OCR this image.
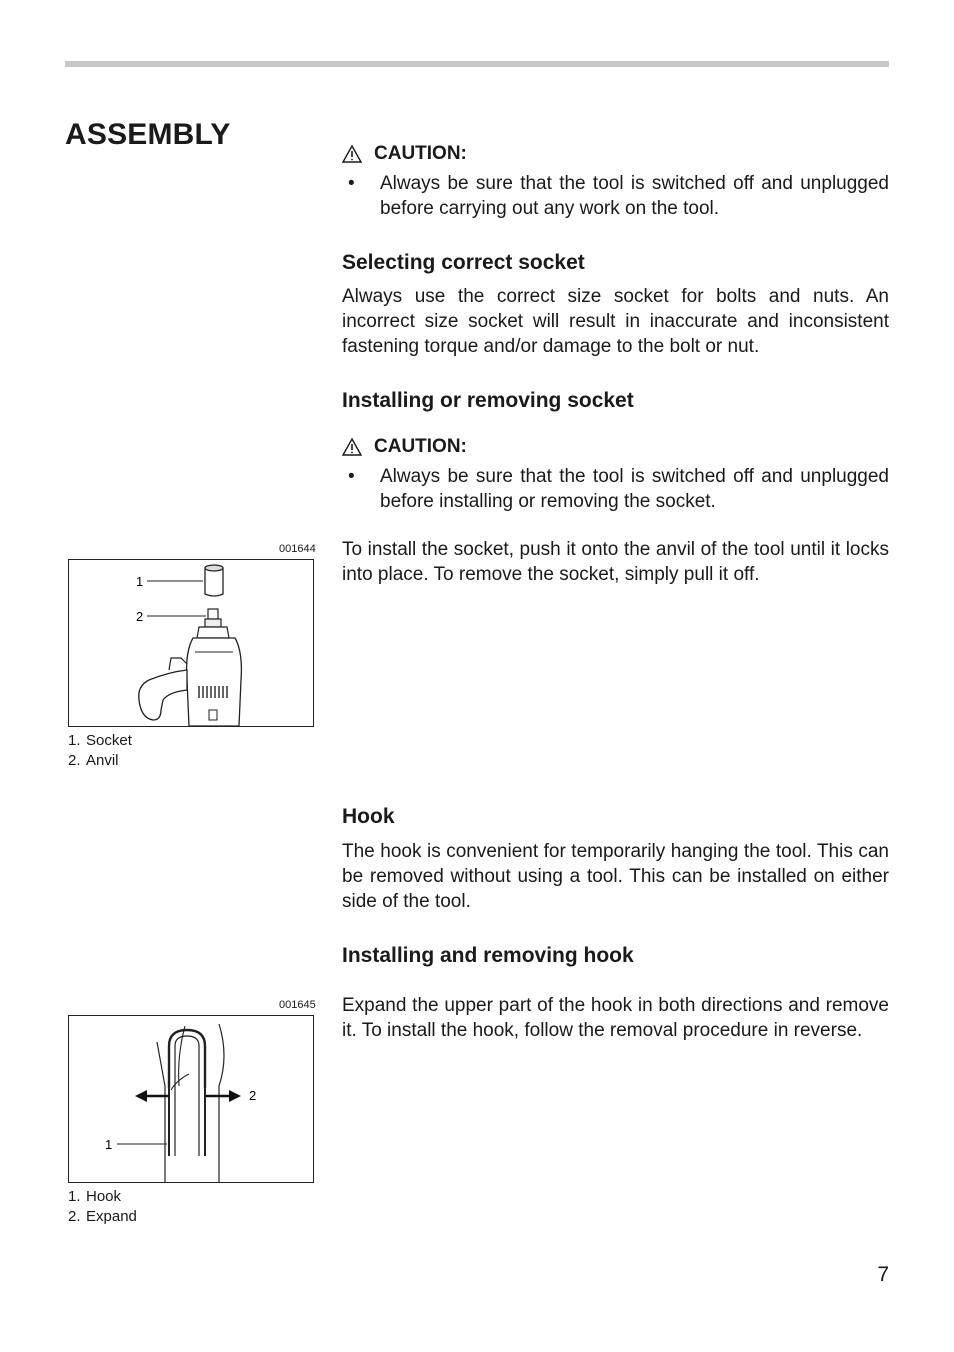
ASSEMBLY
CAUTION:
• Always be sure that the tool is switched off and unplugged before carrying out any work on the tool.
Selecting correct socket
Always use the correct size socket for bolts and nuts. An incorrect size socket will result in inaccurate and inconsistent fastening torque and/or damage to the bolt or nut.
Installing or removing socket
CAUTION:
• Always be sure that the tool is switched off and unplugged before installing or removing the socket.
To install the socket, push it onto the anvil of the tool until it locks into place. To remove the socket, simply pull it off.
001644
1
2
1. Socket
2. Anvil
Hook
The hook is convenient for temporarily hanging the tool. This can be removed without using a tool. This can be installed on either side of the tool.
Installing and removing hook
Expand the upper part of the hook in both directions and remove it. To install the hook, follow the removal procedure in reverse.
001645
2
1
1. Hook
2. Expand
7
